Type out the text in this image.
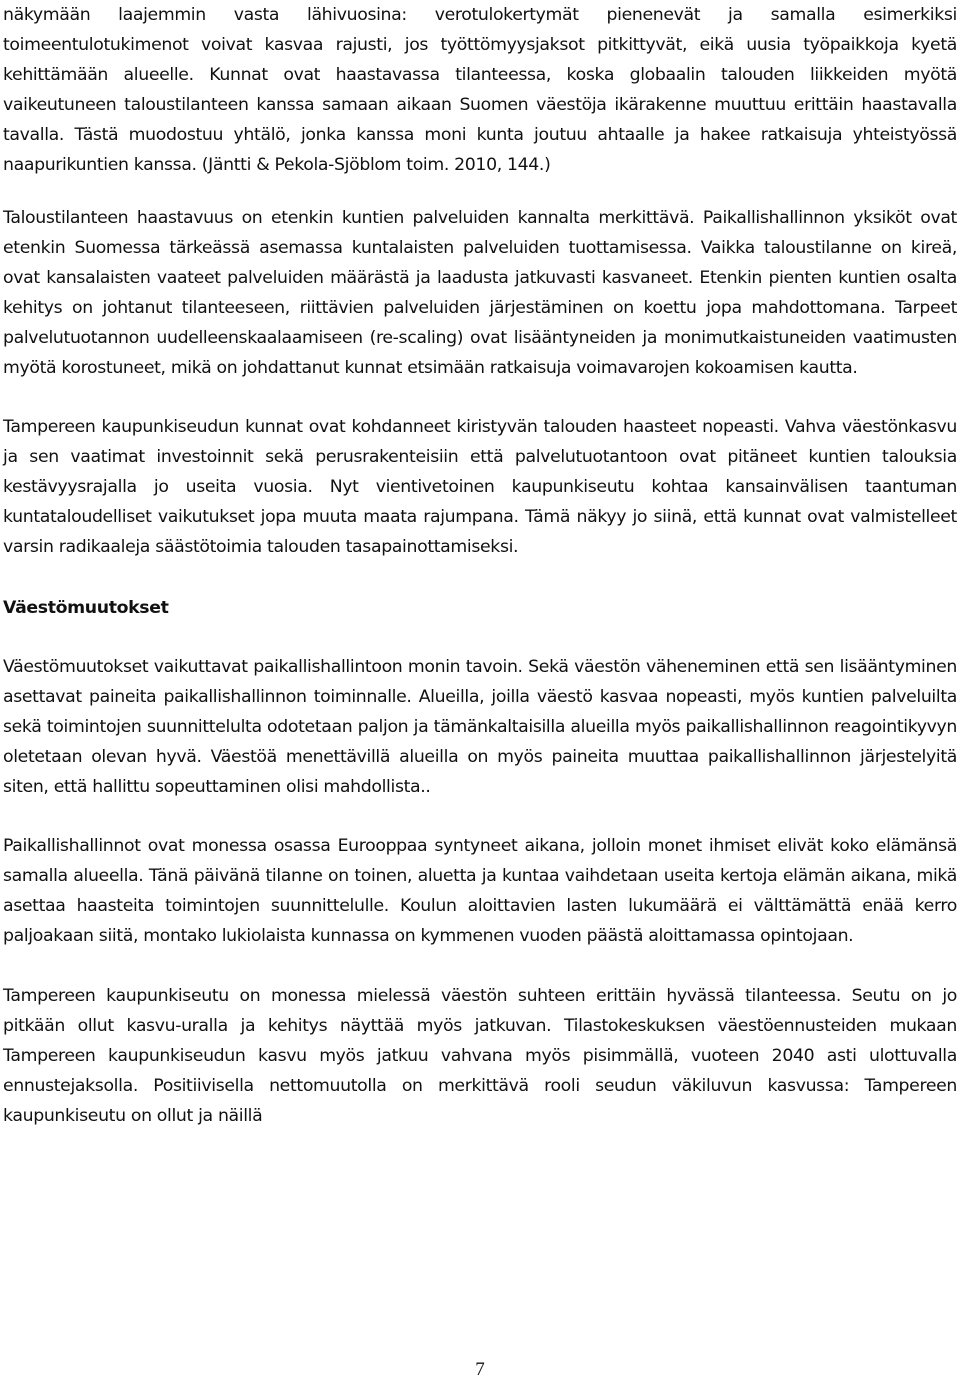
näkymään laajemmin vasta lähivuosina: verotulokertymät pienenevät ja samalla esimerkiksi toimeentulotukimenot voivat kasvaa rajusti, jos työttömyysjaksot pitkittyvät, eikä uusia työpaikkoja kyetä kehittämään alueelle. Kunnat ovat haastavassa tilanteessa, koska globaalin talouden liikkeiden myötä vaikeutuneen taloustilanteen kanssa samaan aikaan Suomen väestöja ikärakenne muuttuu erittäin haastavalla tavalla. Tästä muodostuu yhtälö, jonka kanssa moni kunta joutuu ahtaalle ja hakee ratkaisuja yhteistyössä naapurikuntien kanssa. (Jäntti & Pekola-Sjöblom toim. 2010, 144.)

Taloustilanteen haastavuus on etenkin kuntien palveluiden kannalta merkittävä. Paikallishallinnon yksiköt ovat etenkin Suomessa tärkeässä asemassa kuntalaisten palveluiden tuottamisessa. Vaikka taloustilanne on kireä, ovat kansalaisten vaateet palveluiden määrästä ja laadusta jatkuvasti kasvaneet. Etenkin pienten kuntien osalta kehitys on johtanut tilanteeseen, riittävien palveluiden järjestäminen on koettu jopa mahdottomana. Tarpeet palvelutuotannon uudelleenskaalaamiseen (re-scaling) ovat lisääntyneiden ja monimutkaistuneiden vaatimusten myötä korostuneet, mikä on johdattanut kunnat etsimään ratkaisuja voimavarojen kokoamisen kautta.

Tampereen kaupunkiseudun kunnat ovat kohdanneet kiristyvän talouden haasteet nopeasti. Vahva väestönkasvu ja sen vaatimat investoinnit sekä perusrakenteisiin että palvelutuotantoon ovat pitäneet kuntien talouksia kestävyysrajalla jo useita vuosia. Nyt vientivetoinen kaupunkiseutu kohtaa kansainvälisen taantuman kuntataloudelliset vaikutukset jopa muuta maata rajumpana. Tämä näkyy jo siinä, että kunnat ovat valmistelleet varsin radikaaleja säästötoimia talouden tasapainottamiseksi.

Väestömuutokset

Väestömuutokset vaikuttavat paikallishallintoon monin tavoin. Sekä väestön väheneminen että sen lisääntyminen asettavat paineita paikallishallinnon toiminnalle. Alueilla, joilla väestö kasvaa nopeasti, myös kuntien palveluilta sekä toimintojen suunnittelulta odotetaan paljon ja tämänkaltaisilla alueilla myös paikallishallinnon reagointikyvyn oletetaan olevan hyvä. Väestöä menettävillä alueilla on myös paineita muuttaa paikallishallinnon järjestelyitä siten, että hallittu sopeuttaminen olisi mahdollista..

Paikallishallinnot ovat monessa osassa Eurooppaa syntyneet aikana, jolloin monet ihmiset elivät koko elämänsä samalla alueella. Tänä päivänä tilanne on toinen, aluetta ja kuntaa vaihdetaan useita kertoja elämän aikana, mikä asettaa haasteita toimintojen suunnittelulle. Koulun aloittavien lasten lukumäärä ei välttämättä enää kerro paljoakaan siitä, montako lukiolaista kunnassa on kymmenen vuoden päästä aloittamassa opintojaan.

Tampereen kaupunkiseutu on monessa mielessä väestön suhteen erittäin hyvässä tilanteessa. Seutu on jo pitkään ollut kasvu-uralla ja kehitys näyttää myös jatkuvan. Tilastokeskuksen väestöennusteiden mukaan Tampereen kaupunkiseudun kasvu myös jatkuu vahvana myös pisimmällä, vuoteen 2040 asti ulottuvalla ennustejaksolla. Positiivisella nettomuutolla on merkittävä rooli seudun väkiluvun kasvussa: Tampereen kaupunkiseutu on ollut ja näillä

7
